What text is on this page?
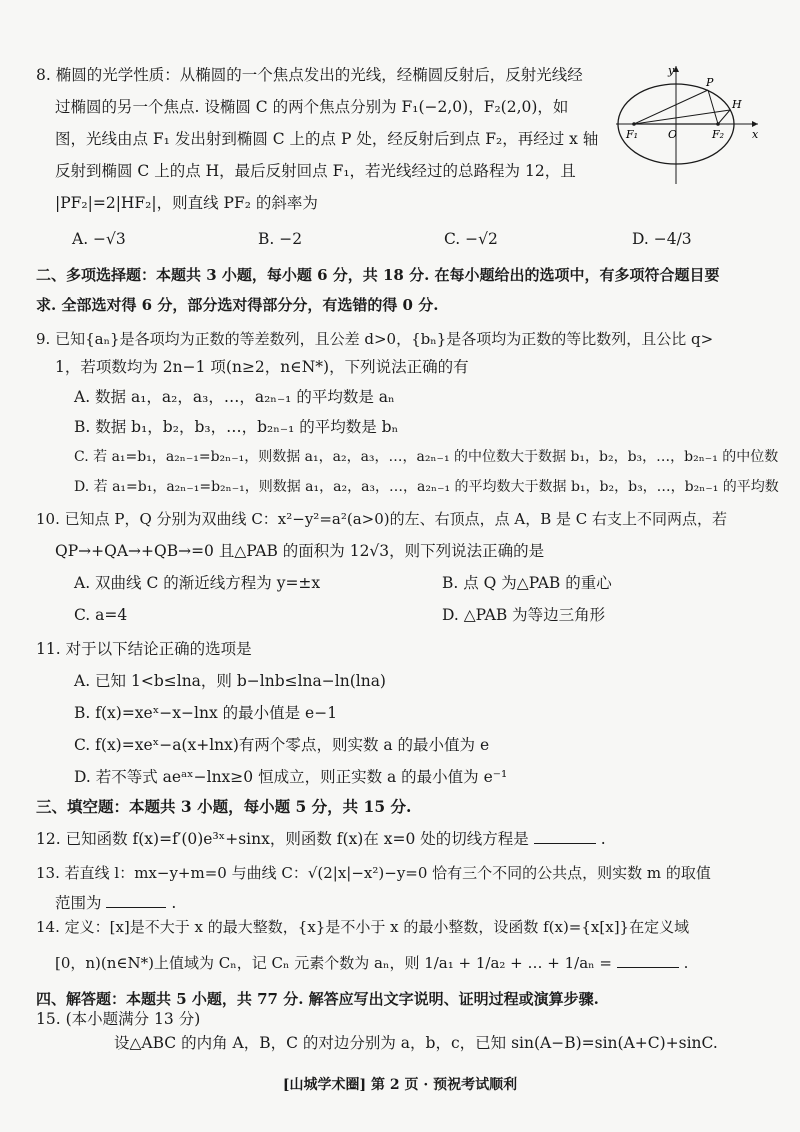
8. 椭圆的光学性质：从椭圆的一个焦点发出的光线，经椭圆反射后，反射光线经
过椭圆的另一个焦点. 设椭圆 C 的两个焦点分别为 F₁(−2,0)，F₂(2,0)，如
图，光线由点 F₁ 发出射到椭圆 C 上的点 P 处，经反射后到点 F₂，再经过 x 轴
反射到椭圆 C 上的点 H，最后反射回点 F₁，若光线经过的总路程为 12，且
|PF₂|=2|HF₂|，则直线 PF₂ 的斜率为
y
x
O
F₁	F₂
P
H
A. −√3	B. −2	C. −√2	D. −4/3
二、多项选择题：本题共 3 小题，每小题 6 分，共 18 分. 在每小题给出的选项中，有多项符合题目要
求. 全部选对得 6 分，部分选对得部分分，有选错的得 0 分.
9. 已知{aₙ}是各项均为正数的等差数列，且公差 d>0，{bₙ}是各项均为正数的等比数列，且公比 q>
1，若项数均为 2n−1 项(n≥2，n∈N*)，下列说法正确的有
A. 数据 a₁，a₂，a₃，…，a₂ₙ₋₁ 的平均数是 aₙ
B. 数据 b₁，b₂，b₃，…，b₂ₙ₋₁ 的平均数是 bₙ
C. 若 a₁=b₁，a₂ₙ₋₁=b₂ₙ₋₁，则数据 a₁，a₂，a₃，…，a₂ₙ₋₁ 的中位数大于数据 b₁，b₂，b₃，…，b₂ₙ₋₁ 的中位数
D. 若 a₁=b₁，a₂ₙ₋₁=b₂ₙ₋₁，则数据 a₁，a₂，a₃，…，a₂ₙ₋₁ 的平均数大于数据 b₁，b₂，b₃，…，b₂ₙ₋₁ 的平均数
10. 已知点 P，Q 分别为双曲线 C：x²−y²=a²(a>0)的左、右顶点，点 A，B 是 C 右支上不同两点，若
QP→+QA→+QB→=0 且△PAB 的面积为 12√3，则下列说法正确的是
A. 双曲线 C 的渐近线方程为 y=±x	B. 点 Q 为△PAB 的重心
C. a=4	D. △PAB 为等边三角形
11. 对于以下结论正确的选项是
A. 已知 1<b≤lna，则 b−lnb≤lna−ln(lna)
B. f(x)=xeˣ−x−lnx 的最小值是 e−1
C. f(x)=xeˣ−a(x+lnx)有两个零点，则实数 a 的最小值为 e
D. 若不等式 aeᵃˣ−lnx≥0 恒成立，则正实数 a 的最小值为 e⁻¹
三、填空题：本题共 3 小题，每小题 5 分，共 15 分.
12. 已知函数 f(x)=f′(0)e³ˣ+sinx，则函数 f(x)在 x=0 处的切线方程是	.
13. 若直线 l：mx−y+m=0 与曲线 C：√(2|x|−x²)−y=0 恰有三个不同的公共点，则实数 m 的取值
范围为	.
14. 定义：[x]是不大于 x 的最大整数，{x}是不小于 x 的最小整数，设函数 f(x)={x[x]}在定义域
[0，n)(n∈N*)上值域为 Cₙ，记 Cₙ 元素个数为 aₙ，则 1/a₁ + 1/a₂ + … + 1/aₙ =	.
四、解答题：本题共 5 小题，共 77 分. 解答应写出文字说明、证明过程或演算步骤.
15. (本小题满分 13 分)
设△ABC 的内角 A，B，C 的对边分别为 a，b，c，已知 sin(A−B)=sin(A+C)+sinC.
[山城学术圈] 第 2 页 · 预祝考试顺利
